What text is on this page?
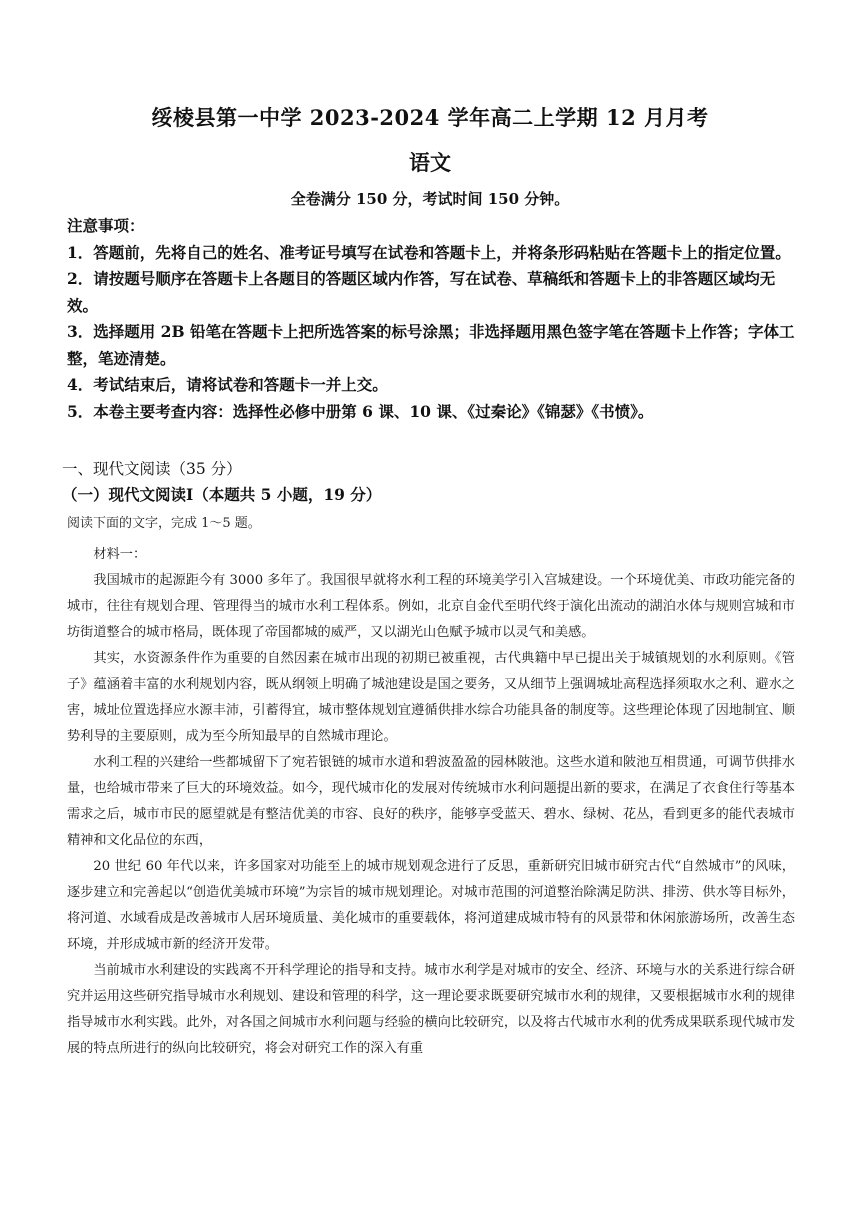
绥棱县第一中学 2023-2024 学年高二上学期 12 月月考
语文
全卷满分 150 分，考试时间 150 分钟。

注意事项：

1．答题前，先将自己的姓名、准考证号填写在试卷和答题卡上，并将条形码粘贴在答题卡上的指定位置。

2．请按题号顺序在答题卡上各题目的答题区域内作答，写在试卷、草稿纸和答题卡上的非答题区域均无效。

3．选择题用 2B 铅笔在答题卡上把所选答案的标号涂黑；非选择题用黑色签字笔在答题卡上作答；字体工整，笔迹清楚。

4．考试结束后，请将试卷和答题卡一并上交。

5．本卷主要考查内容：选择性必修中册第 6 课、10 课、《过秦论》《锦瑟》《书愤》。

一、现代文阅读（35 分）
（一）现代文阅读Ⅰ（本题共 5 小题，19 分）
阅读下面的文字，完成 1～5 题。

材料一：

我国城市的起源距今有 3000 多年了。我国很早就将水利工程的环境美学引入宫城建设。一个环境优美、市政功能完备的城市，往往有规划合理、管理得当的城市水利工程体系。例如，北京自金代至明代终于演化出流动的湖泊水体与规则宫城和市坊街道整合的城市格局，既体现了帝国都城的威严，又以湖光山色赋予城市以灵气和美感。

其实，水资源条件作为重要的自然因素在城市出现的初期已被重视，古代典籍中早已提出关于城镇规划的水利原则。《管子》蕴涵着丰富的水利规划内容，既从纲领上明确了城池建设是国之要务，又从细节上强调城址高程选择须取水之利、避水之害，城址位置选择应水源丰沛，引蓄得宜，城市整体规划宜遵循供排水综合功能具备的制度等。这些理论体现了因地制宜、顺势利导的主要原则，成为至今所知最早的自然城市理论。

水利工程的兴建给一些都城留下了宛若银链的城市水道和碧波盈盈的园林陂池。这些水道和陂池互相贯通，可调节供排水量，也给城市带来了巨大的环境效益。如今，现代城市化的发展对传统城市水利问题提出新的要求，在满足了衣食住行等基本需求之后，城市市民的愿望就是有整洁优美的市容、良好的秩序，能够享受蓝天、碧水、绿树、花丛，看到更多的能代表城市精神和文化品位的东西，

20 世纪 60 年代以来，许多国家对功能至上的城市规划观念进行了反思，重新研究旧城市研究古代“自然城市”的风味，逐步建立和完善起以“创造优美城市环境”为宗旨的城市规划理论。对城市范围的河道整治除满足防洪、排涝、供水等目标外，将河道、水域看成是改善城市人居环境质量、美化城市的重要载体，将河道建成城市特有的风景带和休闲旅游场所，改善生态环境，并形成城市新的经济开发带。

当前城市水利建设的实践离不开科学理论的指导和支持。城市水利学是对城市的安全、经济、环境与水的关系进行综合研究并运用这些研究指导城市水利规划、建设和管理的科学，这一理论要求既要研究城市水利的规律，又要根据城市水利的规律指导城市水利实践。此外，对各国之间城市水利问题与经验的横向比较研究，以及将古代城市水利的优秀成果联系现代城市发展的特点所进行的纵向比较研究，将会对研究工作的深入有重
